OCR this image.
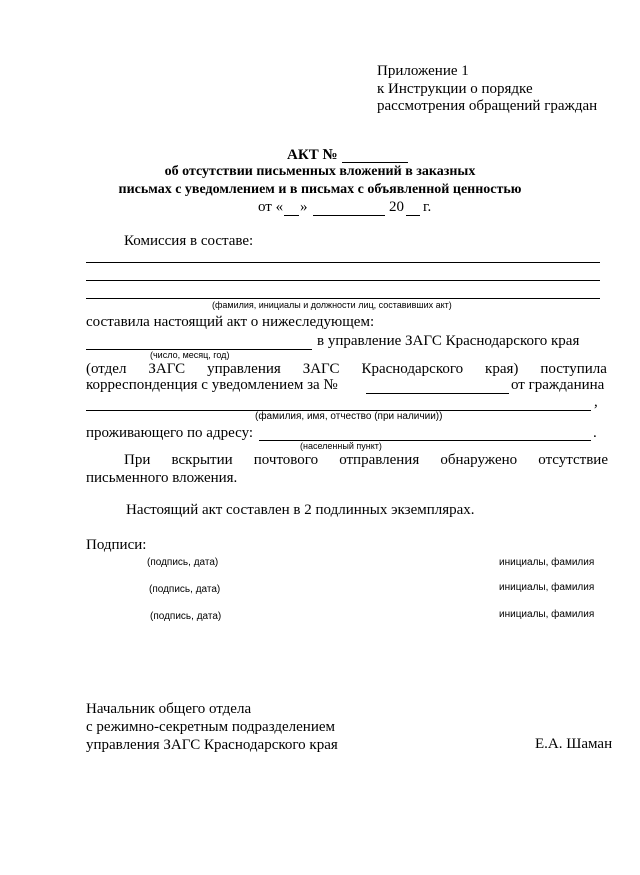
Приложение 1
к Инструкции о порядке
рассмотрения обращений граждан
АКТ №
об отсутствии письменных вложений в заказных
письмах с уведомлением и в письмах с объявленной ценностью
от « »	20 г.
Комиссия в составе:
(фамилия, инициалы и должности лиц, составивших акт)
составила настоящий акт о нижеследующем:
в управление ЗАГС Краснодарского края
(число, месяц, год)
(отдел ЗАГС управления ЗАГС Краснодарского края) поступила
корреспонденция с уведомлением за №	от гражданина
,
(фамилия, имя, отчество (при наличии))
проживающего по адресу:	.
(населенный пункт)
При вскрытии почтового отправления обнаружено отсутствие
письменного вложения.
Настоящий акт составлен в 2 подлинных экземплярах.
Подписи:
(подпись, дата)	инициалы, фамилия
(подпись, дата)	инициалы, фамилия
(подпись, дата)	инициалы, фамилия
Начальник общего отдела
с режимно-секретным подразделением
управления ЗАГС Краснодарского края	Е.А. Шаман
